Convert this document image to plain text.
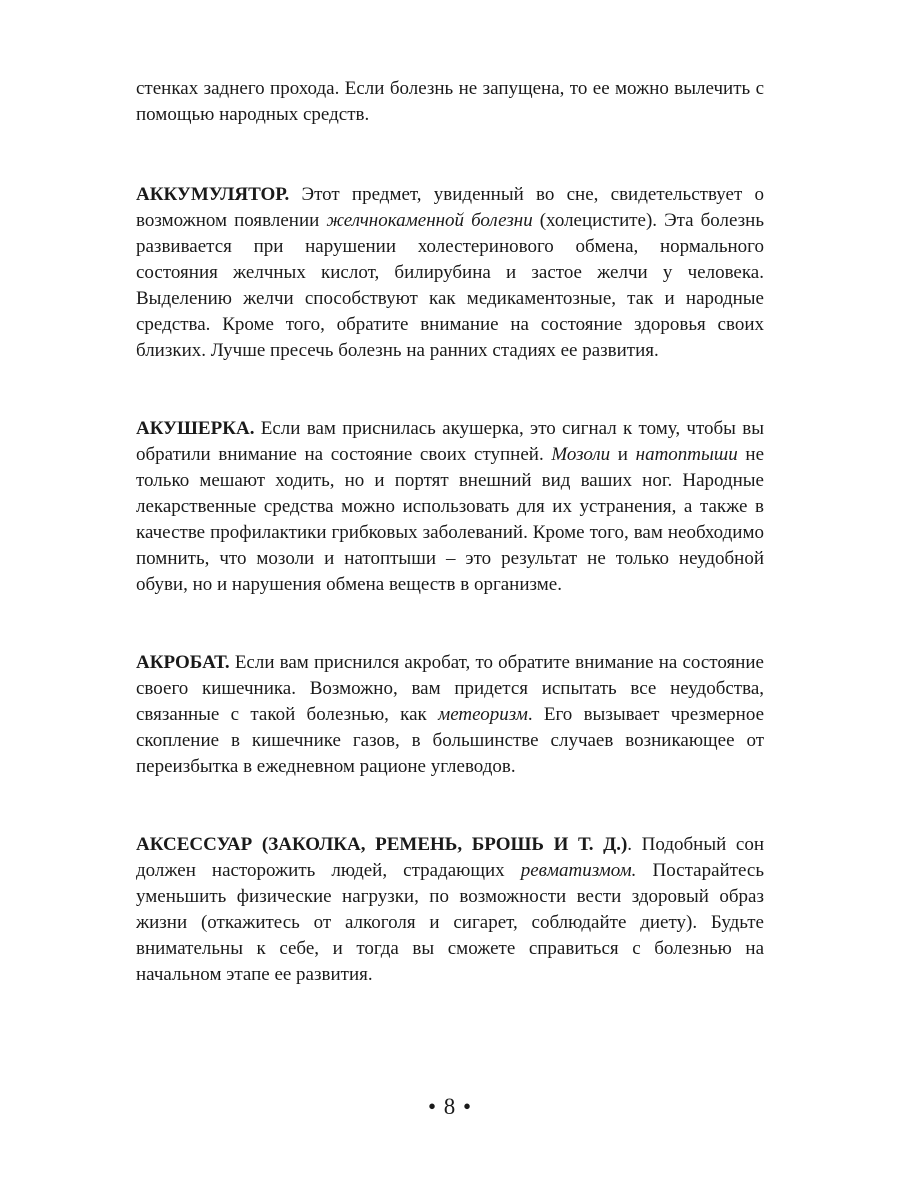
стенках заднего прохода. Если болезнь не запущена, то ее можно вылечить с помощью народных средств.

АККУМУЛЯТОР. Этот предмет, увиденный во сне, свидетельствует о возможном появлении желчнокаменной болезни (холецистите). Эта болезнь развивается при нарушении холестеринового обмена, нормального состояния желчных кислот, билирубина и застое желчи у человека. Выделению желчи способствуют как медикаментозные, так и народные средства. Кроме того, обратите внимание на состояние здоровья своих близких. Лучше пресечь болезнь на ранних стадиях ее развития.

АКУШЕРКА. Если вам приснилась акушерка, это сигнал к тому, чтобы вы обратили внимание на состояние своих ступней. Мозоли и натоптыши не только мешают ходить, но и портят внешний вид ваших ног. Народные лекарственные средства можно использовать для их устранения, а также в качестве профилактики грибковых заболеваний. Кроме того, вам необходимо помнить, что мозоли и натоптыши – это результат не только неудобной обуви, но и нарушения обмена веществ в организме.

АКРОБАТ. Если вам приснился акробат, то обратите внимание на состояние своего кишечника. Возможно, вам придется испытать все неудобства, связанные с такой болезнью, как метеоризм. Его вызывает чрезмерное скопление в кишечнике газов, в большинстве случаев возникающее от переизбытка в ежедневном рационе углеводов.

АКСЕССУАР (ЗАКОЛКА, РЕМЕНЬ, БРОШЬ И Т. Д.). Подобный сон должен насторожить людей, страдающих ревматизмом. Постарайтесь уменьшить физические нагрузки, по возможности вести здоровый образ жизни (откажитесь от алкоголя и сигарет, соблюдайте диету). Будьте внимательны к себе, и тогда вы сможете справиться с болезнью на начальном этапе ее развития.

• 8 •
